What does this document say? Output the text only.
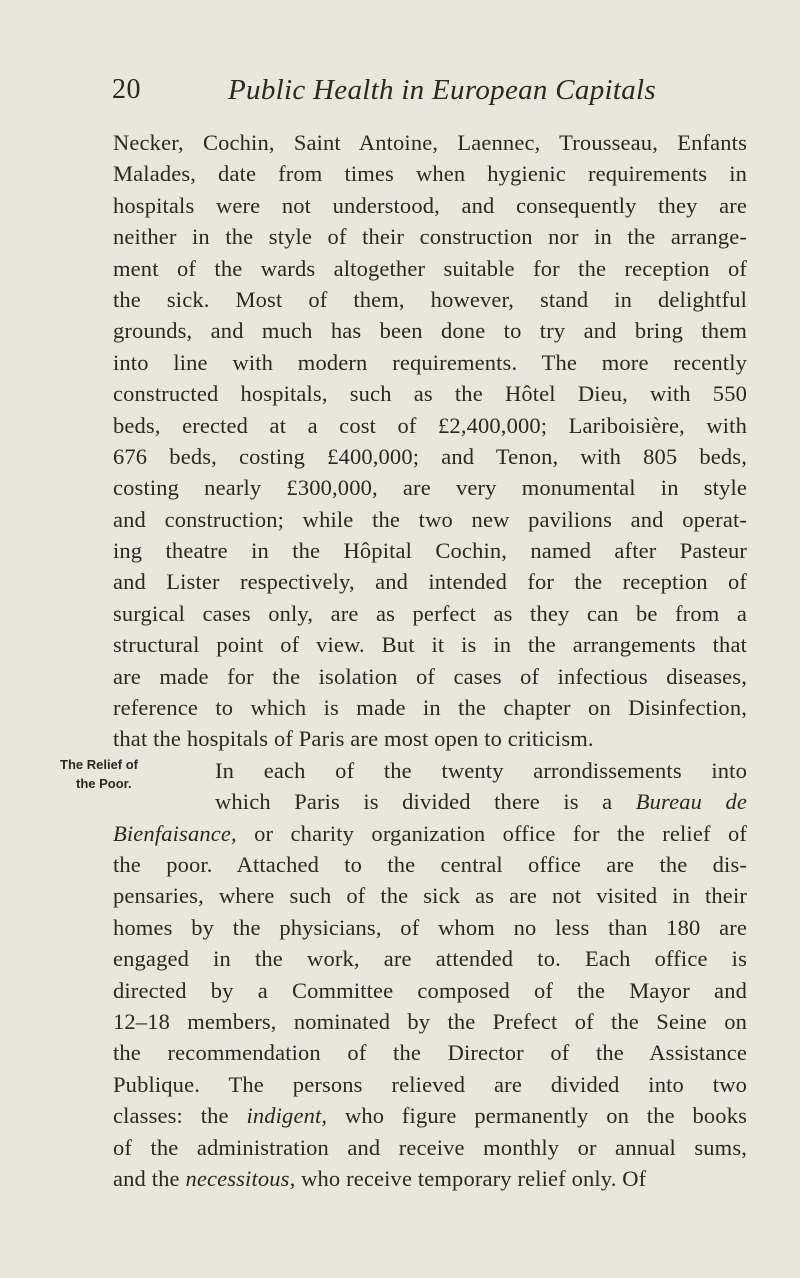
20	Public Health in European Capitals
The Relief of
the Poor.
Necker, Cochin, Saint Antoine, Laennec, Trousseau, Enfants
Malades, date from times when hygienic requirements in
hospitals were not understood, and consequently they are
neither in the style of their construction nor in the arrange-
ment of the wards altogether suitable for the reception of
the sick. Most of them, however, stand in delightful
grounds, and much has been done to try and bring them
into line with modern requirements. The more recently
constructed hospitals, such as the Hôtel Dieu, with 550
beds, erected at a cost of £2,400,000; Lariboisière, with
676 beds, costing £400,000; and Tenon, with 805 beds,
costing nearly £300,000, are very monumental in style
and construction; while the two new pavilions and operat-
ing theatre in the Hôpital Cochin, named after Pasteur
and Lister respectively, and intended for the reception of
surgical cases only, are as perfect as they can be from a
structural point of view. But it is in the arrangements that
are made for the isolation of cases of infectious diseases,
reference to which is made in the chapter on Disinfection,
that the hospitals of Paris are most open to criticism.
In each of the twenty arrondissements into
which Paris is divided there is a Bureau de
Bienfaisance, or charity organization office for the relief of
the poor. Attached to the central office are the dis-
pensaries, where such of the sick as are not visited in their
homes by the physicians, of whom no less than 180 are
engaged in the work, are attended to. Each office is
directed by a Committee composed of the Mayor and
12–18 members, nominated by the Prefect of the Seine on
the recommendation of the Director of the Assistance
Publique. The persons relieved are divided into two
classes: the indigent, who figure permanently on the books
of the administration and receive monthly or annual sums,
and the necessitous, who receive temporary relief only. Of
